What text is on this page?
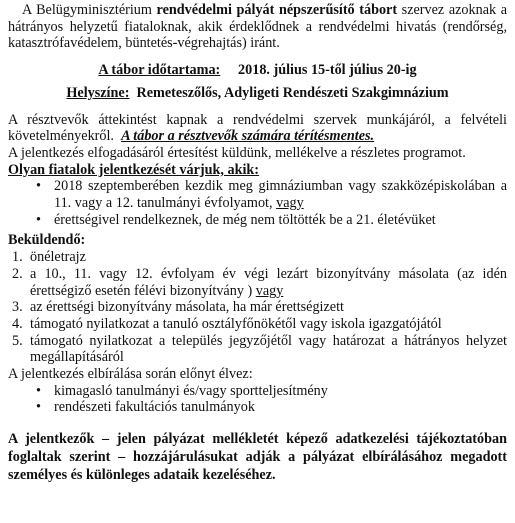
A Belügyminisztérium rendvédelmi pályát népszerűsítő tábort szervez azoknak a hátrányos helyzetű fiataloknak, akik érdeklődnek a rendvédelmi hivatás (rendőrség, katasztrófavédelem, büntetés-végrehajtás) iránt.

A tábor időtartama: 2018. július 15-től július 20-ig

Helyszíne: Remeteszőlős, Adyligeti Rendészeti Szakgimnázium

A résztvevők áttekintést kapnak a rendvédelmi szervek munkájáról, a felvételi követelményekről. A tábor a résztvevők számára térítésmentes.

A jelentkezés elfogadásáról értesítést küldünk, mellékelve a részletes programot.

Olyan fiatalok jelentkezését várjuk, akik:

• 2018 szeptemberében kezdik meg gimnáziumban vagy szakközépiskolában a 11. vagy a 12. tanulmányi évfolyamot, vagy
• érettségivel rendelkeznek, de még nem töltötték be a 21. életévüket

Beküldendő:

1. önéletrajz
2. a 10., 11. vagy 12. évfolyam év végi lezárt bizonyítvány másolata (az idén érettségiző esetén félévi bizonyítvány ) vagy
3. az érettségi bizonyítvány másolata, ha már érettségizett
4. támogató nyilatkozat a tanuló osztályfőnökétől vagy iskola igazgatójától
5. támogató nyilatkozat a település jegyzőjétől vagy határozat a hátrányos helyzet megállapításáról

A jelentkezés elbírálása során előnyt élvez:

• kimagasló tanulmányi és/vagy sportteljesítmény
• rendészeti fakultációs tanulmányok

A jelentkezők – jelen pályázat mellékletét képező adatkezelési tájékoztatóban foglaltak szerint – hozzájárulásukat adják a pályázat elbírálásához megadott személyes és különleges adataik kezeléséhez.
